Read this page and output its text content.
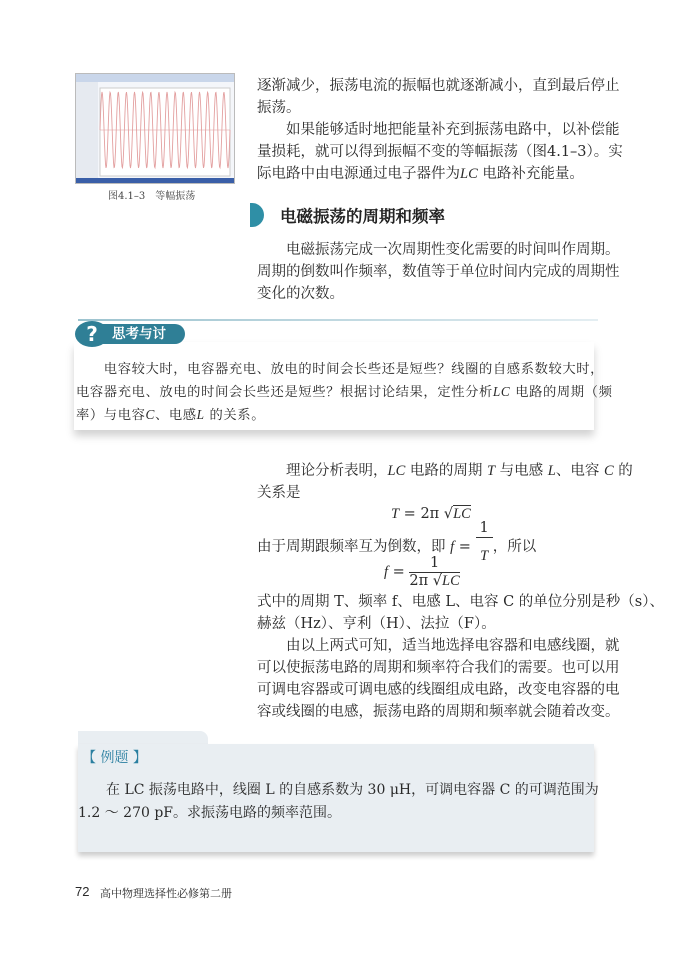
图4.1–3　等幅振荡
逐渐减少，振荡电流的振幅也就逐渐减小，直到最后停止
振荡。
　　如果能够适时地把能量补充到振荡电路中，以补偿能
量损耗，就可以得到振幅不变的等幅振荡（图4.1–3）。实
际电路中由电源通过电子器件为LC 电路补充能量。
电磁振荡的周期和频率
　　电磁振荡完成一次周期性变化需要的时间叫作周期。
周期的倒数叫作频率，数值等于单位时间内完成的周期性
变化的次数。
?	思考与讨论
　　电容较大时，电容器充电、放电的时间会长些还是短些？线圈的自感系数较大时，
电容器充电、放电的时间会长些还是短些？根据讨论结果，定性分析LC 电路的周期（频
率）与电容C、电感L 的关系。
　　理论分析表明，LC 电路的周期 T 与电感 L、电容 C 的
关系是
T = 2π √LC
由于周期跟频率互为倒数，即 $f = \frac{1}{T}$，所以
$f = \frac{1}{2\pi √LC}$
式中的周期 T、频率 f、电感 L、电容 C 的单位分别是秒（s）、
赫兹（Hz）、亨利（H）、法拉（F）。
　　由以上两式可知，适当地选择电容器和电感线圈，就
可以使振荡电路的周期和频率符合我们的需要。也可以用
可调电容器或可调电感的线圈组成电路，改变电容器的电
容或线圈的电感，振荡电路的周期和频率就会随着改变。
【 例题 】
　　在 LC 振荡电路中，线圈 L 的自感系数为 30 μH，可调电容器 C 的可调范围为
1.2 ～ 270 pF。求振荡电路的频率范围。
72 高中物理选择性必修第二册
